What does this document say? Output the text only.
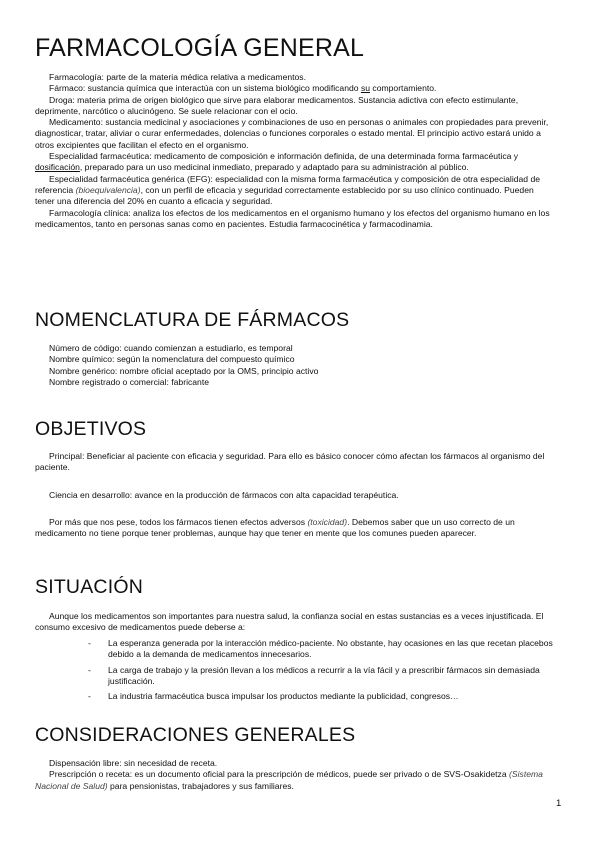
FARMACOLOGÍA GENERAL

Farmacología: parte de la materia médica relativa a medicamentos.

Fármaco: sustancia química que interactúa con un sistema biológico modificando su comportamiento.

Droga: materia prima de origen biológico que sirve para elaborar medicamentos. Sustancia adictiva con efecto estimulante, deprimente, narcótico o alucinógeno. Se suele relacionar con el ocio.

Medicamento: sustancia medicinal y asociaciones y combinaciones de uso en personas o animales con propiedades para prevenir, diagnosticar, tratar, aliviar o curar enfermedades, dolencias o funciones corporales o estado mental. El principio activo estará unido a otros excipientes que facilitan el efecto en el organismo.

Especialidad farmacéutica: medicamento de composición e información definida, de una determinada forma farmacéutica y dosificación, preparado para un uso medicinal inmediato, preparado y adaptado para su administración al público.

Especialidad farmacéutica genérica (EFG): especialidad con la misma forma farmacéutica y composición de otra especialidad de referencia (bioequivalencia), con un perfil de eficacia y seguridad correctamente establecido por su uso clínico continuado. Pueden tener una diferencia del 20% en cuanto a eficacia y seguridad.

Farmacología clínica: analiza los efectos de los medicamentos en el organismo humano y los efectos del organismo humano en los medicamentos, tanto en personas sanas como en pacientes. Estudia farmacocinética y farmacodinamia.

NOMENCLATURA DE FÁRMACOS

Número de código: cuando comienzan a estudiarlo, es temporal

Nombre químico: según la nomenclatura del compuesto químico

Nombre genérico: nombre oficial aceptado por la OMS, principio activo

Nombre registrado o comercial: fabricante

OBJETIVOS

Principal: Beneficiar al paciente con eficacia y seguridad. Para ello es básico conocer cómo afectan los fármacos al organismo del paciente.

Ciencia en desarrollo: avance en la producción de fármacos con alta capacidad terapéutica.

Por más que nos pese, todos los fármacos tienen efectos adversos (toxicidad). Debemos saber que un uso correcto de un medicamento no tiene porque tener problemas, aunque hay que tener en mente que los comunes pueden aparecer.

SITUACIÓN

Aunque los medicamentos son importantes para nuestra salud, la confianza social en estas sustancias es a veces injustificada. El consumo excesivo de medicamentos puede deberse a:

- La esperanza generada por la interacción médico-paciente. No obstante, hay ocasiones en las que recetan placebos debido a la demanda de medicamentos innecesarios.
- La carga de trabajo y la presión llevan a los médicos a recurrir a la vía fácil y a prescribir fármacos sin demasiada justificación.
- La industria farmacéutica busca impulsar los productos mediante la publicidad, congresos…
CONSIDERACIONES GENERALES

Dispensación libre: sin necesidad de receta.

Prescripción o receta: es un documento oficial para la prescripción de médicos, puede ser privado o de SVS-Osakidetza (Sistema Nacional de Salud) para pensionistas, trabajadores y sus familiares.

1
